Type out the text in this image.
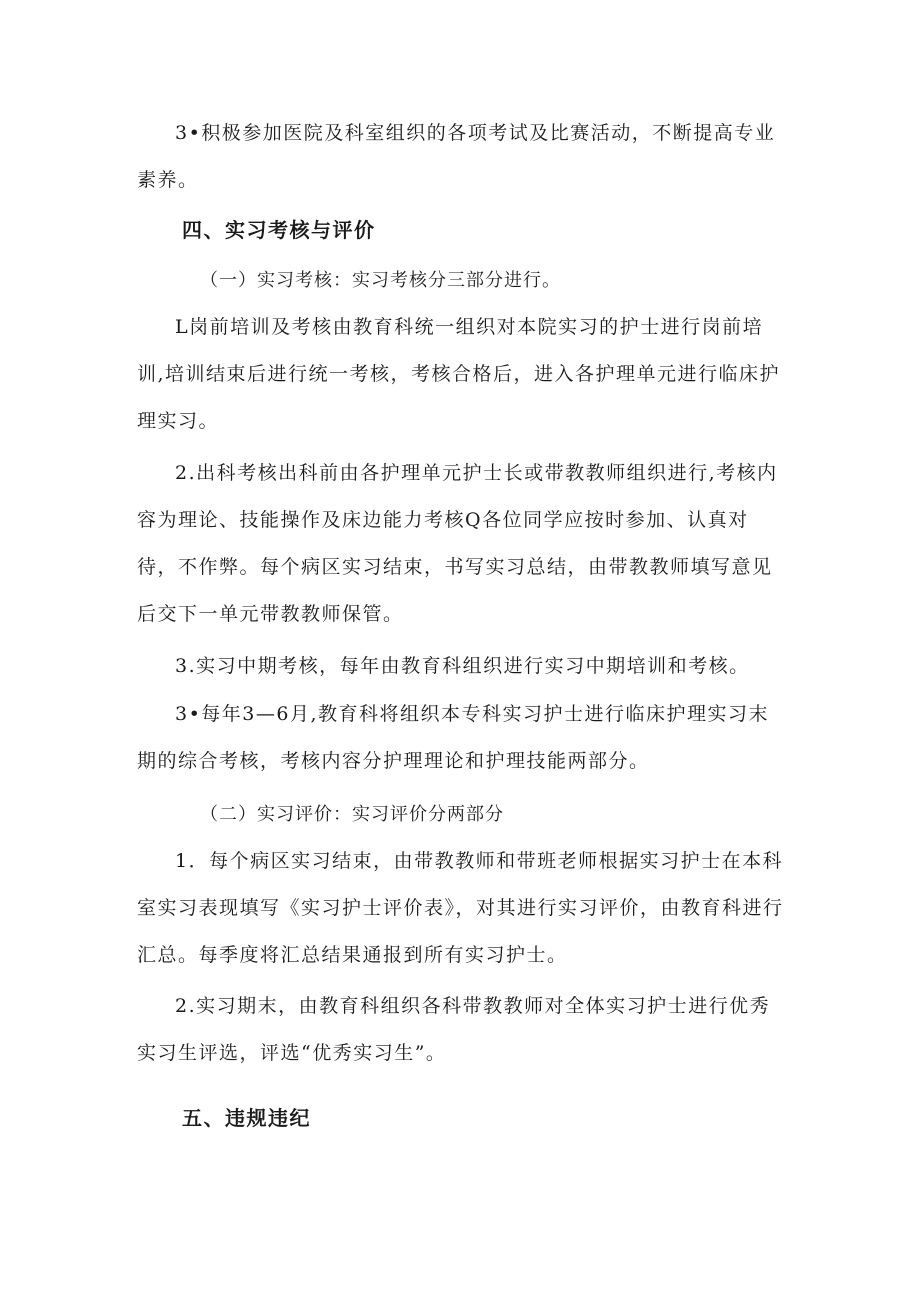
3•积极参加医院及科室组织的各项考试及比赛活动，不断提高专业素养。

四、实习考核与评价

（一）实习考核：实习考核分三部分进行。

L岗前培训及考核由教育科统一组织对本院实习的护士进行岗前培训,培训结束后进行统一考核，考核合格后，进入各护理单元进行临床护理实习。

2.出科考核出科前由各护理单元护士长或带教教师组织进行,考核内容为理论、技能操作及床边能力考核Q各位同学应按时参加、认真对待，不作弊。每个病区实习结束，书写实习总结，由带教教师填写意见后交下一单元带教教师保管。

3.实习中期考核，每年由教育科组织进行实习中期培训和考核。

3•每年3—6月,教育科将组织本专科实习护士进行临床护理实习末期的综合考核，考核内容分护理理论和护理技能两部分。

（二）实习评价：实习评价分两部分

1．每个病区实习结束，由带教教师和带班老师根据实习护士在本科室实习表现填写《实习护士评价表》，对其进行实习评价，由教育科进行汇总。每季度将汇总结果通报到所有实习护士。

2.实习期末，由教育科组织各科带教教师对全体实习护士进行优秀实习生评选，评选“优秀实习生”。

五、违规违纪
